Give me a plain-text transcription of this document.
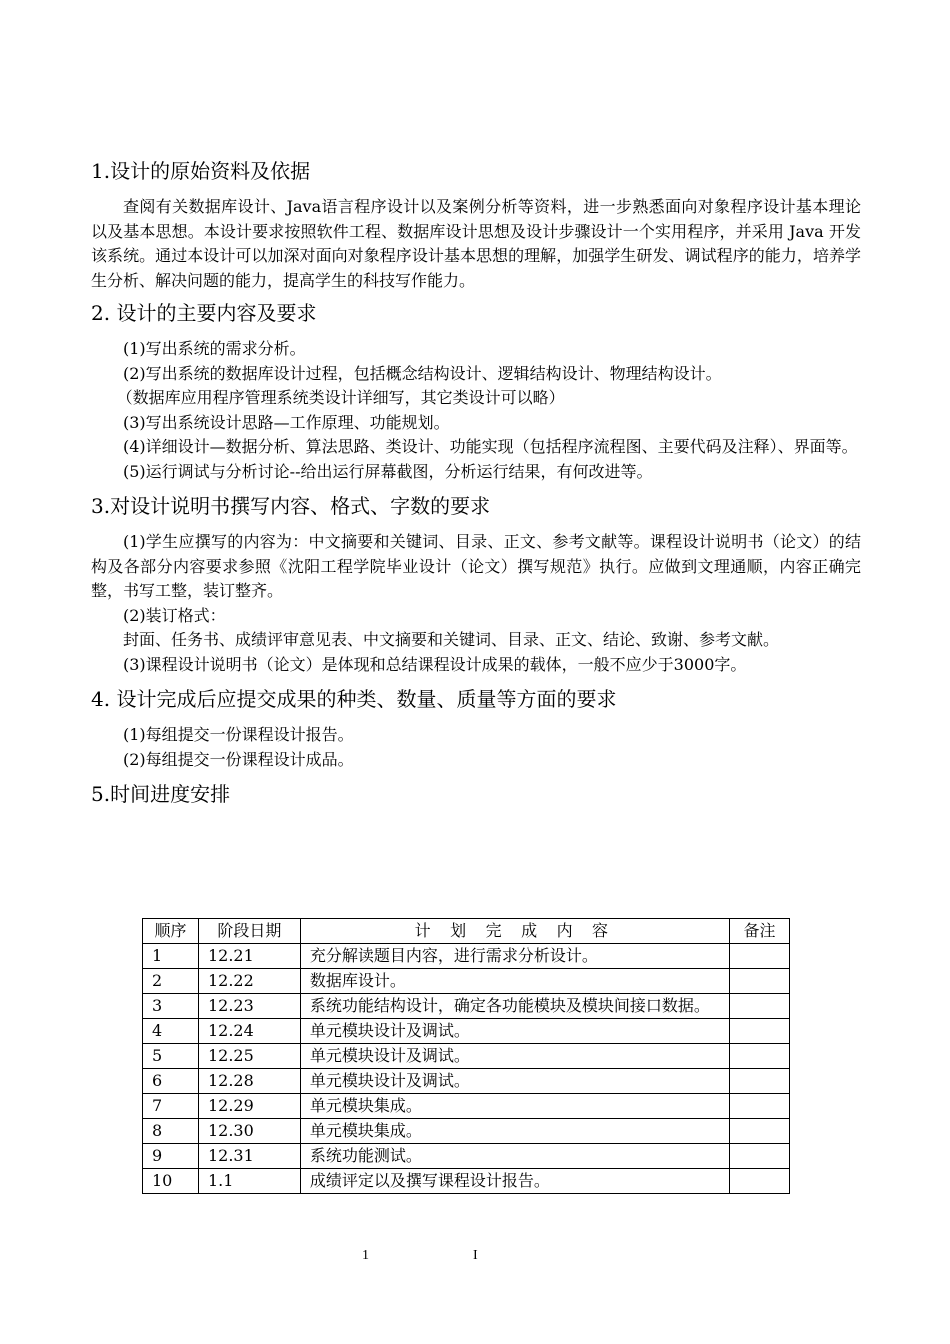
1.设计的原始资料及依据

查阅有关数据库设计、Java语言程序设计以及案例分析等资料，进一步熟悉面向对象程序设计基本理论以及基本思想。本设计要求按照软件工程、数据库设计思想及设计步骤设计一个实用程序，并采用 Java 开发该系统。通过本设计可以加深对面向对象程序设计基本思想的理解，加强学生研发、调试程序的能力，培养学生分析、解决问题的能力，提高学生的科技写作能力。

2. 设计的主要内容及要求

(1)写出系统的需求分析。

(2)写出系统的数据库设计过程，包括概念结构设计、逻辑结构设计、物理结构设计。

（数据库应用程序管理系统类设计详细写，其它类设计可以略）

(3)写出系统设计思路—工作原理、功能规划。

(4)详细设计—数据分析、算法思路、类设计、功能实现（包括程序流程图、主要代码及注释）、界面等。

(5)运行调试与分析讨论--给出运行屏幕截图，分析运行结果，有何改进等。

3.对设计说明书撰写内容、格式、字数的要求

(1)学生应撰写的内容为：中文摘要和关键词、目录、正文、参考文献等。课程设计说明书（论文）的结构及各部分内容要求参照《沈阳工程学院毕业设计（论文）撰写规范》执行。应做到文理通顺，内容正确完整，书写工整，装订整齐。

(2)装订格式：

封面、任务书、成绩评审意见表、中文摘要和关键词、目录、正文、结论、致谢、参考文献。

(3)课程设计说明书（论文）是体现和总结课程设计成果的载体，一般不应少于3000字。

4. 设计完成后应提交成果的种类、数量、质量等方面的要求

(1)每组提交一份课程设计报告。

(2)每组提交一份课程设计成品。

5.时间进度安排
顺序	阶段日期	计 划 完 成 内 容	备注
1	12.21	充分解读题目内容，进行需求分析设计。	
2	12.22	数据库设计。	
3	12.23	系统功能结构设计，确定各功能模块及模块间接口数据。	
4	12.24	单元模块设计及调试。	
5	12.25	单元模块设计及调试。	
6	12.28	单元模块设计及调试。	
7	12.29	单元模块集成。	
8	12.30	单元模块集成。	
9	12.31	系统功能测试。	
10	1.1	成绩评定以及撰写课程设计报告。	
1	I
